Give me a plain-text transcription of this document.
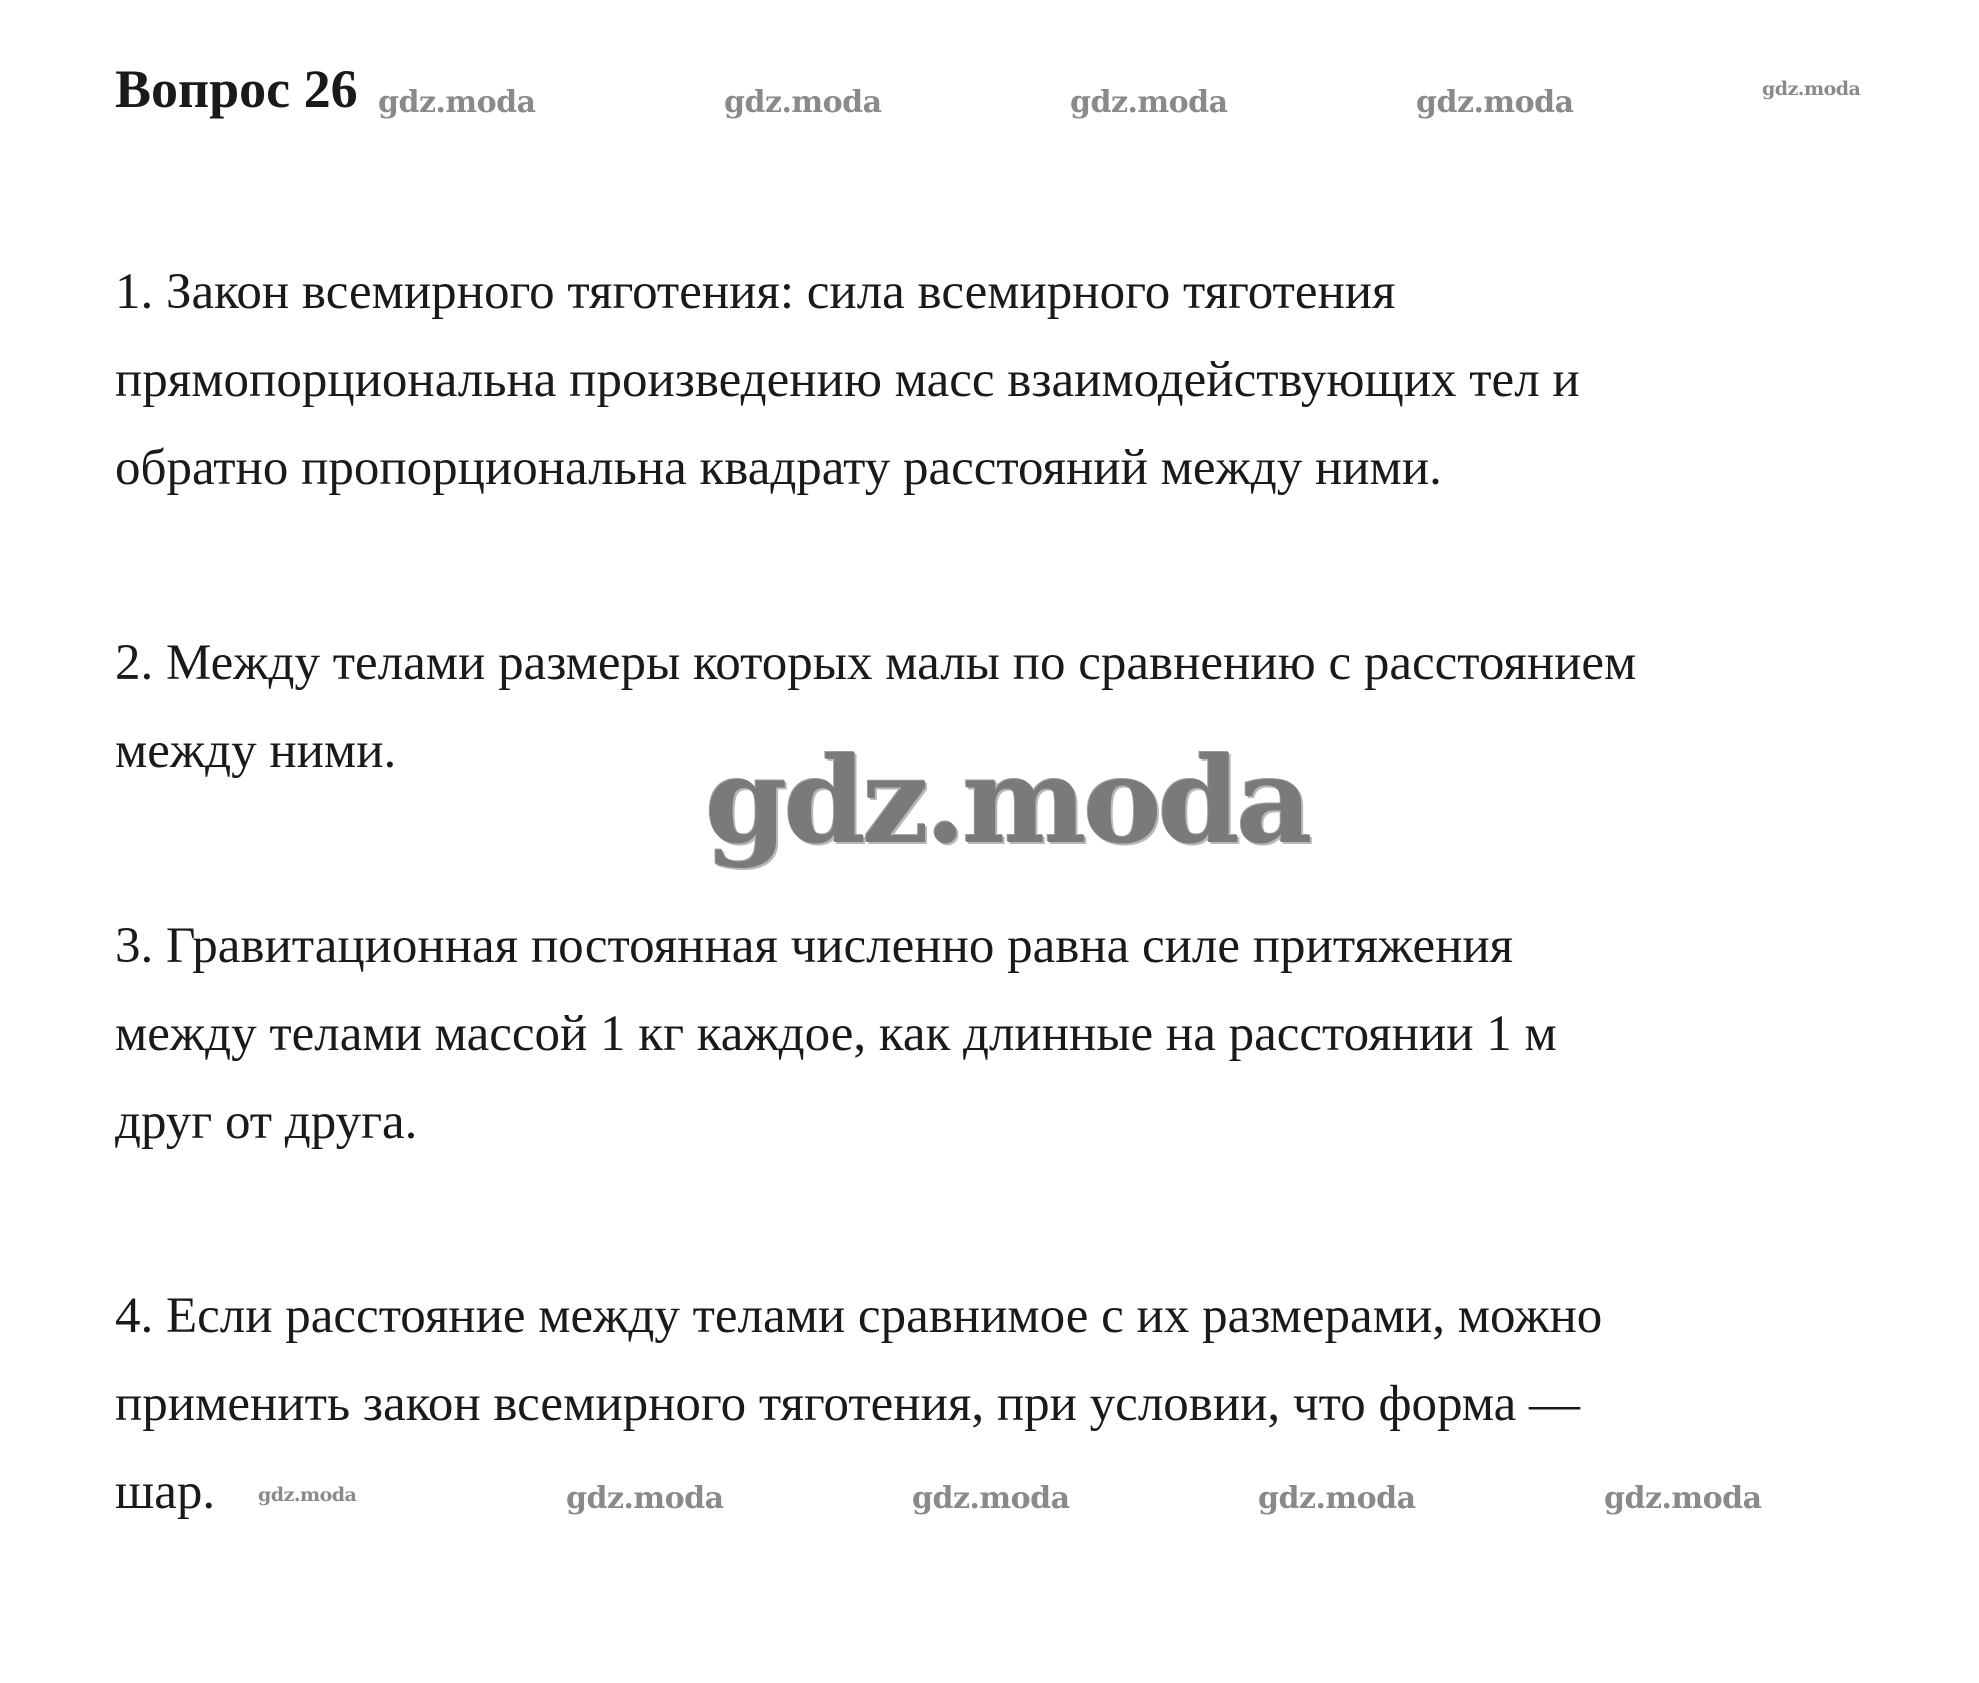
Вопрос 26 gdz.moda	gdz.moda	gdz.moda	gdz.moda	gdz.moda
1. Закон всемирного тяготения: сила всемирного тяготения
прямопорциональна произведению масс взаимодействующих тел и
обратно пропорциональна квадрату расстояний между ними.
2. Между телами размеры которых малы по сравнению с расстоянием
между ними.	gdz.moda
3. Гравитационная постоянная численно равна силе притяжения
между телами массой 1 кг каждое, как длинные на расстоянии 1 м
друг от друга.
4. Если расстояние между телами сравнимое с их размерами, можно
применить закон всемирного тяготения, при условии, что форма —
шар.	gdz.moda	gdz.moda	gdz.moda	gdz.moda	gdz.moda
